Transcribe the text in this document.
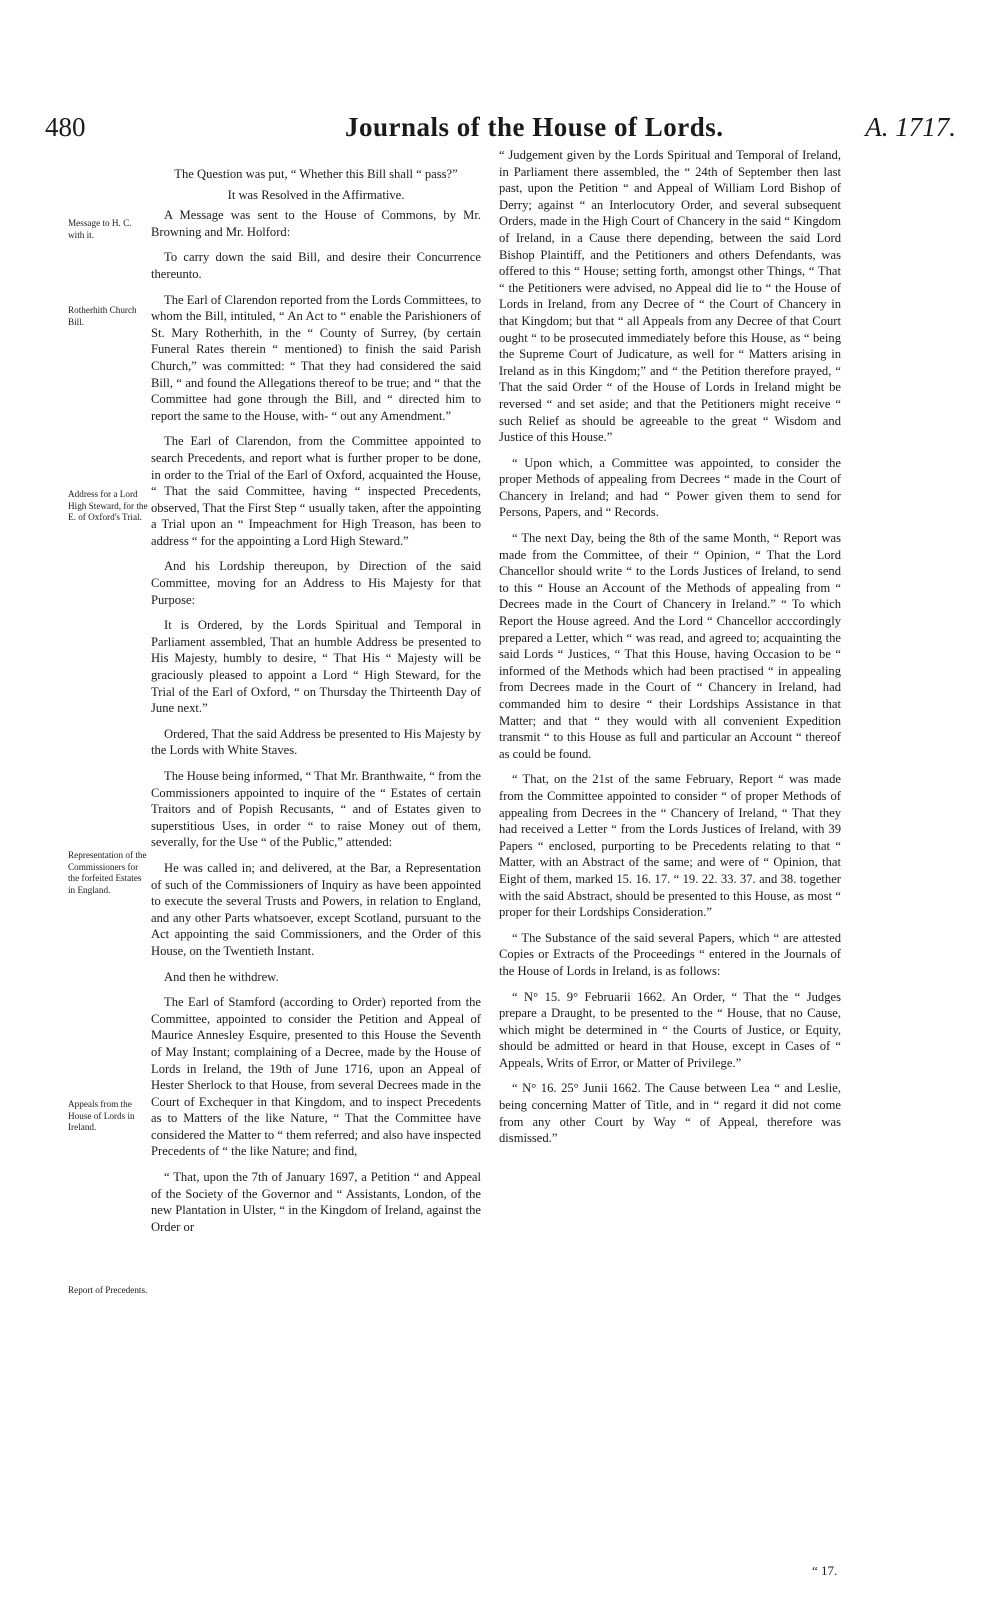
480	Journals of the House of Lords.	A. 1717.
Message to H. C. with it.
Rotherhith Church Bill.
Address for a Lord High Steward, for the E. of Oxford's Trial.
Representation of the Commissioners for the forfeited Estates in England.
Appeals from the House of Lords in Ireland.
Report of Precedents.

The Question was put, “ Whether this Bill shall “ pass?”

It was Resolved in the Affirmative.

A Message was sent to the House of Commons, by Mr. Browning and Mr. Holford:

To carry down the said Bill, and desire their Concurrence thereunto.

The Earl of Clarendon reported from the Lords Committees, to whom the Bill, intituled, “ An Act to “ enable the Parishioners of St. Mary Rotherhith, in the “ County of Surrey, (by certain Funeral Rates therein “ mentioned) to finish the said Parish Church,” was committed: “ That they had considered the said Bill, “ and found the Allegations thereof to be true; and “ that the Committee had gone through the Bill, and “ directed him to report the same to the House, with- “ out any Amendment.”

The Earl of Clarendon, from the Committee appointed to search Precedents, and report what is further proper to be done, in order to the Trial of the Earl of Oxford, acquainted the House, “ That the said Committee, having “ inspected Precedents, observed, That the First Step “ usually taken, after the appointing a Trial upon an “ Impeachment for High Treason, has been to address “ for the appointing a Lord High Steward.”

And his Lordship thereupon, by Direction of the said Committee, moving for an Address to His Majesty for that Purpose:

It is Ordered, by the Lords Spiritual and Temporal in Parliament assembled, That an humble Address be presented to His Majesty, humbly to desire, “ That His “ Majesty will be graciously pleased to appoint a Lord “ High Steward, for the Trial of the Earl of Oxford, “ on Thursday the Thirteenth Day of June next.”

Ordered, That the said Address be presented to His Majesty by the Lords with White Staves.

The House being informed, “ That Mr. Branthwaite, “ from the Commissioners appointed to inquire of the “ Estates of certain Traitors and of Popish Recusants, “ and of Estates given to superstitious Uses, in order “ to raise Money out of them, severally, for the Use “ of the Public,” attended:

He was called in; and delivered, at the Bar, a Representation of such of the Commissioners of Inquiry as have been appointed to execute the several Trusts and Powers, in relation to England, and any other Parts whatsoever, except Scotland, pursuant to the Act appointing the said Commissioners, and the Order of this House, on the Twentieth Instant.

And then he withdrew.

The Earl of Stamford (according to Order) reported from the Committee, appointed to consider the Petition and Appeal of Maurice Annesley Esquire, presented to this House the Seventh of May Instant; complaining of a Decree, made by the House of Lords in Ireland, the 19th of June 1716, upon an Appeal of Hester Sherlock to that House, from several Decrees made in the Court of Exchequer in that Kingdom, and to inspect Precedents as to Matters of the like Nature, “ That the Committee have considered the Matter to “ them referred; and also have inspected Precedents of “ the like Nature; and find,

“ That, upon the 7th of January 1697, a Petition “ and Appeal of the Society of the Governor and “ Assistants, London, of the new Plantation in Ulster, “ in the Kingdom of Ireland, against the Order or

“ Judgement given by the Lords Spiritual and Temporal of Ireland, in Parliament there assembled, the “ 24th of September then last past, upon the Petition “ and Appeal of William Lord Bishop of Derry; against “ an Interlocutory Order, and several subsequent Orders, made in the High Court of Chancery in the said “ Kingdom of Ireland, in a Cause there depending, between the said Lord Bishop Plaintiff, and the Petitioners and others Defendants, was offered to this “ House; setting forth, amongst other Things, “ That “ the Petitioners were advised, no Appeal did lie to “ the House of Lords in Ireland, from any Decree of “ the Court of Chancery in that Kingdom; but that “ all Appeals from any Decree of that Court ought “ to be prosecuted immediately before this House, as “ being the Supreme Court of Judicature, as well for “ Matters arising in Ireland as in this Kingdom;” and “ the Petition therefore prayed, “ That the said Order “ of the House of Lords in Ireland might be reversed “ and set aside; and that the Petitioners might receive “ such Relief as should be agreeable to the great “ Wisdom and Justice of this House.”

“ Upon which, a Committee was appointed, to consider the proper Methods of appealing from Decrees “ made in the Court of Chancery in Ireland; and had “ Power given them to send for Persons, Papers, and “ Records.

“ The next Day, being the 8th of the same Month, “ Report was made from the Committee, of their “ Opinion, “ That the Lord Chancellor should write “ to the Lords Justices of Ireland, to send to this “ House an Account of the Methods of appealing from “ Decrees made in the Court of Chancery in Ireland.” “ To which Report the House agreed. And the Lord “ Chancellor acccordingly prepared a Letter, which “ was read, and agreed to; acquainting the said Lords “ Justices, “ That this House, having Occasion to be “ informed of the Methods which had been practised “ in appealing from Decrees made in the Court of “ Chancery in Ireland, had commanded him to desire “ their Lordships Assistance in that Matter; and that “ they would with all convenient Expedition transmit “ to this House as full and particular an Account “ thereof as could be found.

“ That, on the 21st of the same February, Report “ was made from the Committee appointed to consider “ of proper Methods of appealing from Decrees in the “ Chancery of Ireland, “ That they had received a Letter “ from the Lords Justices of Ireland, with 39 Papers “ enclosed, purporting to be Precedents relating to that “ Matter, with an Abstract of the same; and were of “ Opinion, that Eight of them, marked 15. 16. 17. “ 19. 22. 33. 37. and 38. together with the said Abstract, should be presented to this House, as most “ proper for their Lordships Consideration.”

“ The Substance of the said several Papers, which “ are attested Copies or Extracts of the Proceedings “ entered in the Journals of the House of Lords in Ireland, is as follows:

“ N° 15. 9° Februarii 1662. An Order, “ That the “ Judges prepare a Draught, to be presented to the “ House, that no Cause, which might be determined in “ the Courts of Justice, or Equity, should be admitted or heard in that House, except in Cases of “ Appeals, Writs of Error, or Matter of Privilege.”

“ N° 16. 25° Junii 1662. The Cause between Lea “ and Leslie, being concerning Matter of Title, and in “ regard it did not come from any other Court by Way “ of Appeal, therefore was dismissed.”

“ 17.
